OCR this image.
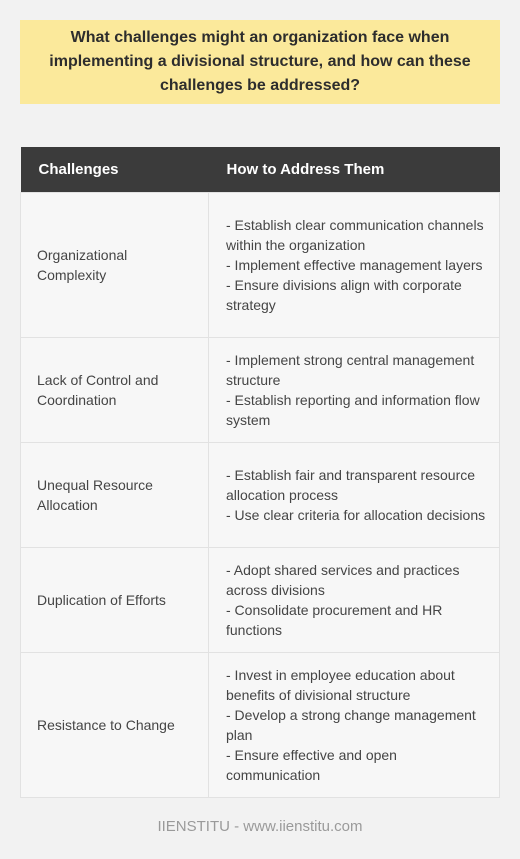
What challenges might an organization face when implementing a divisional structure, and how can these challenges be addressed?
Challenges	How to Address Them
Organizational Complexity	- Establish clear communication channels within the organization
- Implement effective management layers
- Ensure divisions align with corporate strategy
Lack of Control and Coordination	- Implement strong central management structure
- Establish reporting and information flow system
Unequal Resource Allocation	- Establish fair and transparent resource allocation process
- Use clear criteria for allocation decisions
Duplication of Efforts	- Adopt shared services and practices across divisions
- Consolidate procurement and HR functions
Resistance to Change	- Invest in employee education about benefits of divisional structure
- Develop a strong change management plan
- Ensure effective and open communication
IIENSTITU - www.iienstitu.com
